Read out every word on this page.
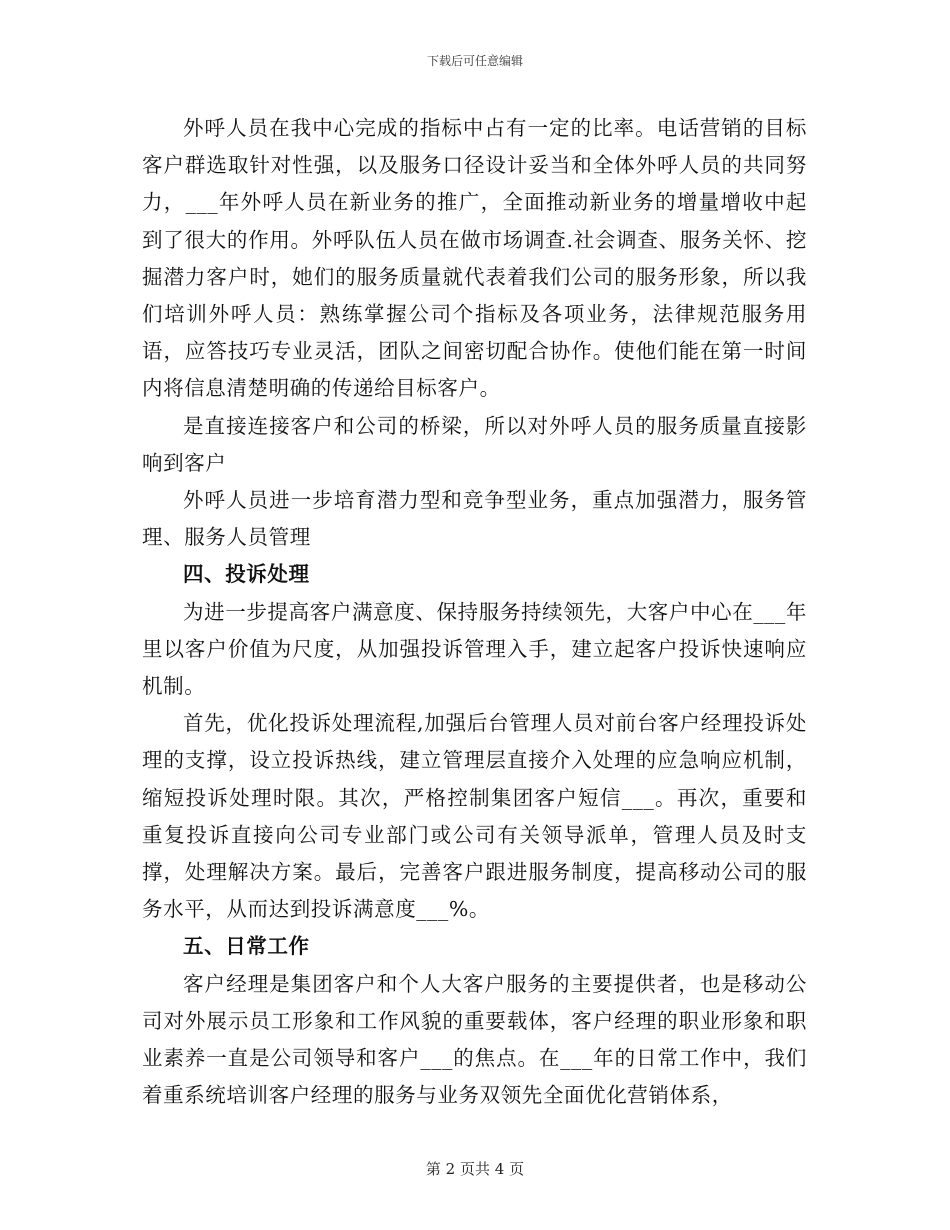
下载后可任意编辑

外呼人员在我中心完成的指标中占有一定的比率。电话营销的目标客户群选取针对性强，以及服务口径设计妥当和全体外呼人员的共同努力，___年外呼人员在新业务的推广，全面推动新业务的增量增收中起到了很大的作用。外呼队伍人员在做市场调查.社会调查、服务关怀、挖掘潜力客户时，她们的服务质量就代表着我们公司的服务形象，所以我们培训外呼人员：熟练掌握公司个指标及各项业务，法律规范服务用语，应答技巧专业灵活，团队之间密切配合协作。使他们能在第一时间内将信息清楚明确的传递给目标客户。

是直接连接客户和公司的桥梁，所以对外呼人员的服务质量直接影响到客户

外呼人员进一步培育潜力型和竞争型业务，重点加强潜力，服务管理、服务人员管理

四、投诉处理

为进一步提高客户满意度、保持服务持续领先，大客户中心在___年里以客户价值为尺度，从加强投诉管理入手，建立起客户投诉快速响应机制。

首先，优化投诉处理流程,加强后台管理人员对前台客户经理投诉处理的支撑，设立投诉热线，建立管理层直接介入处理的应急响应机制，缩短投诉处理时限。其次，严格控制集团客户短信___。再次，重要和重复投诉直接向公司专业部门或公司有关领导派单，管理人员及时支撑，处理解决方案。最后，完善客户跟进服务制度，提高移动公司的服务水平，从而达到投诉满意度___%。

五、日常工作

客户经理是集团客户和个人大客户服务的主要提供者，也是移动公司对外展示员工形象和工作风貌的重要载体，客户经理的职业形象和职业素养一直是公司领导和客户___的焦点。在___年的日常工作中，我们着重系统培训客户经理的服务与业务双领先全面优化营销体系，

第 2 页共 4 页
